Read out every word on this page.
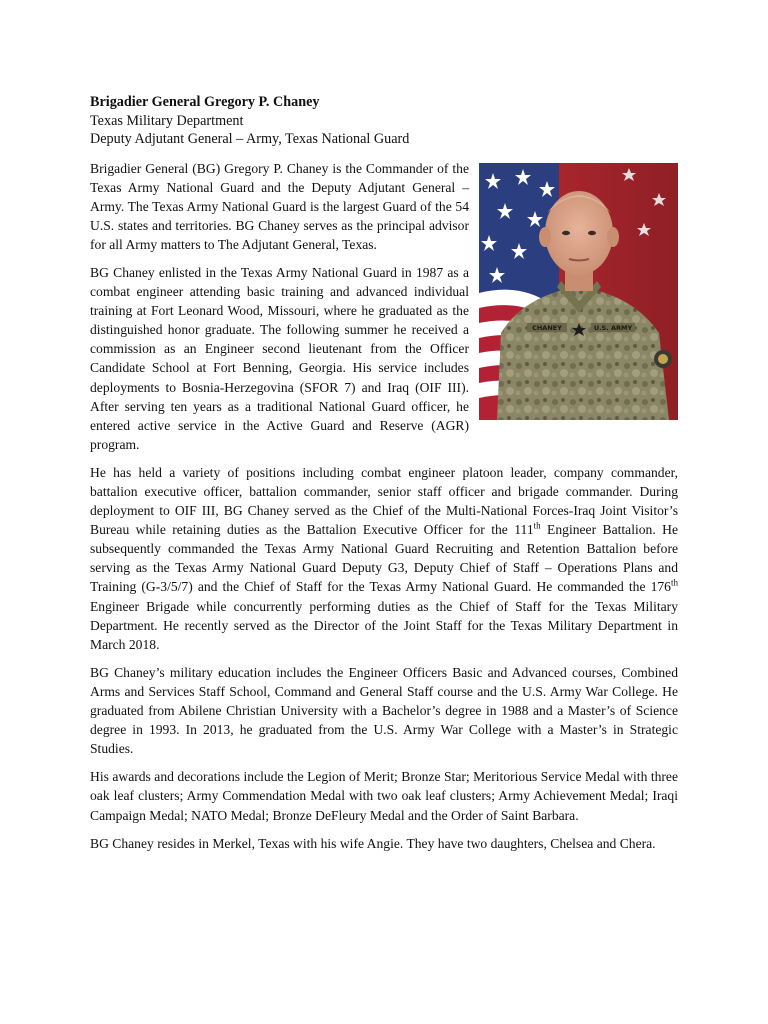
Brigadier General Gregory P. Chaney

Texas Military Department

Deputy Adjutant General – Army, Texas National Guard

CHANEY	U.S. ARMY

Brigadier General (BG) Gregory P. Chaney is the Commander of the Texas Army National Guard and the Deputy Adjutant General – Army. The Texas Army National Guard is the largest Guard of the 54 U.S. states and territories. BG Chaney serves as the principal advisor for all Army matters to The Adjutant General, Texas.

BG Chaney enlisted in the Texas Army National Guard in 1987 as a combat engineer attending basic training and advanced individual training at Fort Leonard Wood, Missouri, where he graduated as the distinguished honor graduate. The following summer he received a commission as an Engineer second lieutenant from the Officer Candidate School at Fort Benning, Georgia. His service includes deployments to Bosnia-Herzegovina (SFOR 7) and Iraq (OIF III). After serving ten years as a traditional National Guard officer, he entered active service in the Active Guard and Reserve (AGR) program.

He has held a variety of positions including combat engineer platoon leader, company commander, battalion executive officer, battalion commander, senior staff officer and brigade commander. During deployment to OIF III, BG Chaney served as the Chief of the Multi-National Forces-Iraq Joint Visitor’s Bureau while retaining duties as the Battalion Executive Officer for the 111th Engineer Battalion. He subsequently commanded the Texas Army National Guard Recruiting and Retention Battalion before serving as the Texas Army National Guard Deputy G3, Deputy Chief of Staff – Operations Plans and Training (G-3/5/7) and the Chief of Staff for the Texas Army National Guard. He commanded the 176th Engineer Brigade while concurrently performing duties as the Chief of Staff for the Texas Military Department. He recently served as the Director of the Joint Staff for the Texas Military Department in March 2018.

BG Chaney’s military education includes the Engineer Officers Basic and Advanced courses, Combined Arms and Services Staff School, Command and General Staff course and the U.S. Army War College. He graduated from Abilene Christian University with a Bachelor’s degree in 1988 and a Master’s of Science degree in 1993. In 2013, he graduated from the U.S. Army War College with a Master’s in Strategic Studies.

His awards and decorations include the Legion of Merit; Bronze Star; Meritorious Service Medal with three oak leaf clusters; Army Commendation Medal with two oak leaf clusters; Army Achievement Medal; Iraqi Campaign Medal; NATO Medal; Bronze DeFleury Medal and the Order of Saint Barbara.

BG Chaney resides in Merkel, Texas with his wife Angie. They have two daughters, Chelsea and Chera.
